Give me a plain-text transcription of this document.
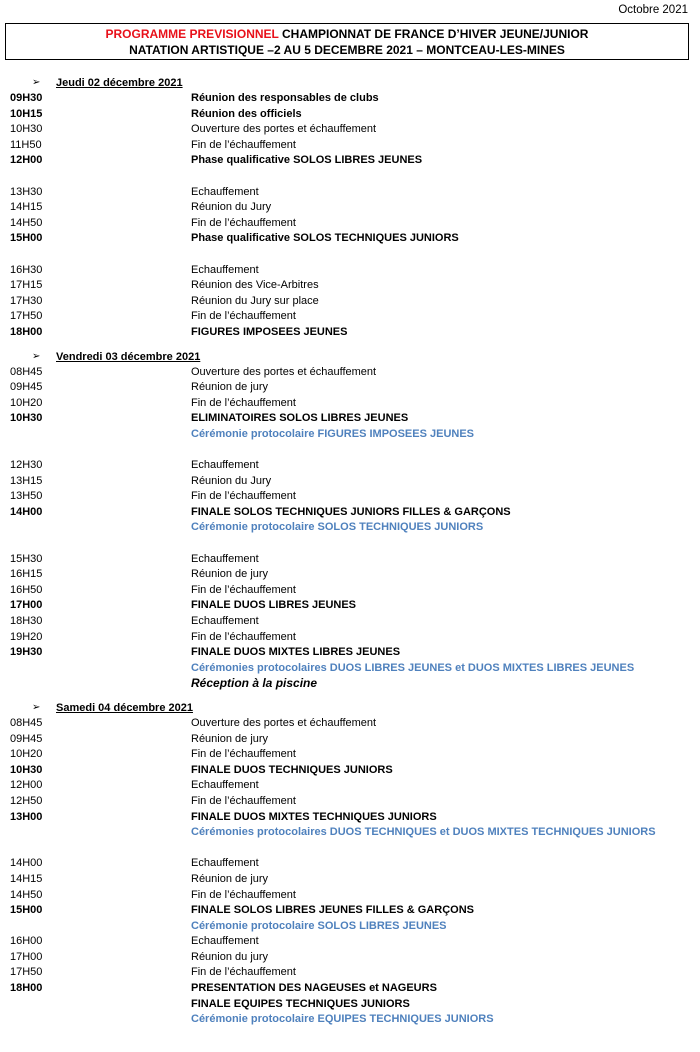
Octobre 2021
PROGRAMME PREVISIONNEL CHAMPIONNAT DE FRANCE D’HIVER JEUNE/JUNIOR
NATATION ARTISTIQUE –2 AU 5 DECEMBRE 2021 – MONTCEAU-LES-MINES
➢ Jeudi 02 décembre 2021
09H30	Réunion des responsables de clubs
10H15	Réunion des officiels
10H30	Ouverture des portes et échauffement
11H50	Fin de l’échauffement
12H00	Phase qualificative SOLOS LIBRES JEUNES
13H30	Echauffement
14H15	Réunion du Jury
14H50	Fin de l’échauffement
15H00	Phase qualificative SOLOS TECHNIQUES JUNIORS
16H30	Echauffement
17H15	Réunion des Vice-Arbitres
17H30	Réunion du Jury sur place
17H50	Fin de l’échauffement
18H00	FIGURES IMPOSEES JEUNES
➢ Vendredi 03 décembre 2021
08H45	Ouverture des portes et échauffement
09H45	Réunion de jury
10H20	Fin de l’échauffement
10H30	ELIMINATOIRES SOLOS LIBRES JEUNES
Cérémonie protocolaire FIGURES IMPOSEES JEUNES
12H30	Echauffement
13H15	Réunion du Jury
13H50	Fin de l’échauffement
14H00	FINALE SOLOS TECHNIQUES JUNIORS FILLES & GARÇONS
Cérémonie protocolaire SOLOS TECHNIQUES JUNIORS
15H30	Echauffement
16H15	Réunion de jury
16H50	Fin de l’échauffement
17H00	FINALE DUOS LIBRES JEUNES
18H30	Echauffement
19H20	Fin de l’échauffement
19H30	FINALE DUOS MIXTES LIBRES JEUNES
Cérémonies protocolaires DUOS LIBRES JEUNES et DUOS MIXTES LIBRES JEUNES
Réception à la piscine
➢ Samedi 04 décembre 2021
08H45	Ouverture des portes et échauffement
09H45	Réunion de jury
10H20	Fin de l’échauffement
10H30	FINALE DUOS TECHNIQUES JUNIORS
12H00	Echauffement
12H50	Fin de l’échauffement
13H00	FINALE DUOS MIXTES TECHNIQUES JUNIORS
Cérémonies protocolaires DUOS TECHNIQUES et DUOS MIXTES TECHNIQUES JUNIORS
14H00	Echauffement
14H15	Réunion de jury
14H50	Fin de l’échauffement
15H00	FINALE SOLOS LIBRES JEUNES FILLES & GARÇONS
Cérémonie protocolaire SOLOS LIBRES JEUNES
16H00	Echauffement
17H00	Réunion du jury
17H50	Fin de l’échauffement
18H00	PRESENTATION DES NAGEUSES et NAGEURS
FINALE EQUIPES TECHNIQUES JUNIORS
Cérémonie protocolaire EQUIPES TECHNIQUES JUNIORS
